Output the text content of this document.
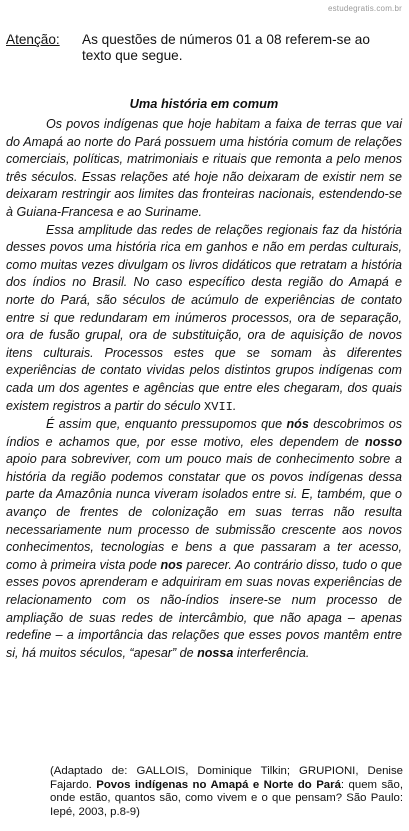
estudegratis.com.br
Atenção: As questões de números 01 a 08 referem-se ao texto que segue.

Uma história em comum

Os povos indígenas que hoje habitam a faixa de terras que vai do Amapá ao norte do Pará possuem uma história comum de relações comerciais, políticas, matrimoniais e rituais que remonta a pelo menos três séculos. Essas relações até hoje não deixaram de existir nem se deixaram restringir aos limites das fronteiras nacionais, estendendo-se à Guiana-Francesa e ao Suriname.

Essa amplitude das redes de relações regionais faz da história desses povos uma história rica em ganhos e não em perdas culturais, como muitas vezes divulgam os livros didáticos que retratam a história dos índios no Brasil. No caso específico desta região do Amapá e norte do Pará, são séculos de acúmulo de experiências de contato entre si que redundaram em inúmeros processos, ora de separação, ora de fusão grupal, ora de substituição, ora de aquisição de novos itens culturais. Processos estes que se somam às diferentes experiências de contato vividas pelos distintos grupos indígenas com cada um dos agentes e agências que entre eles chegaram, dos quais existem registros a partir do século XVII.

É assim que, enquanto pressupomos que nós descobrimos os índios e achamos que, por esse motivo, eles dependem de nosso apoio para sobreviver, com um pouco mais de conhecimento sobre a história da região podemos constatar que os povos indígenas dessa parte da Amazônia nunca viveram isolados entre si. E, também, que o avanço de frentes de colonização em suas terras não resulta necessariamente num processo de submissão crescente aos novos conhecimentos, tecnologias e bens a que passaram a ter acesso, como à primeira vista pode nos parecer. Ao contrário disso, tudo o que esses povos aprenderam e adquiriram em suas novas experiências de relacionamento com os não-índios insere-se num processo de ampliação de suas redes de intercâmbio, que não apaga – apenas redefine – a importância das relações que esses povos mantêm entre si, há muitos séculos, “apesar” de nossa interferência.

(Adaptado de: GALLOIS, Dominique Tilkin; GRUPIONI, Denise Fajardo. Povos indígenas no Amapá e Norte do Pará: quem são, onde estão, quantos são, como vivem e o que pensam? São Paulo: Iepé, 2003, p.8-9)
